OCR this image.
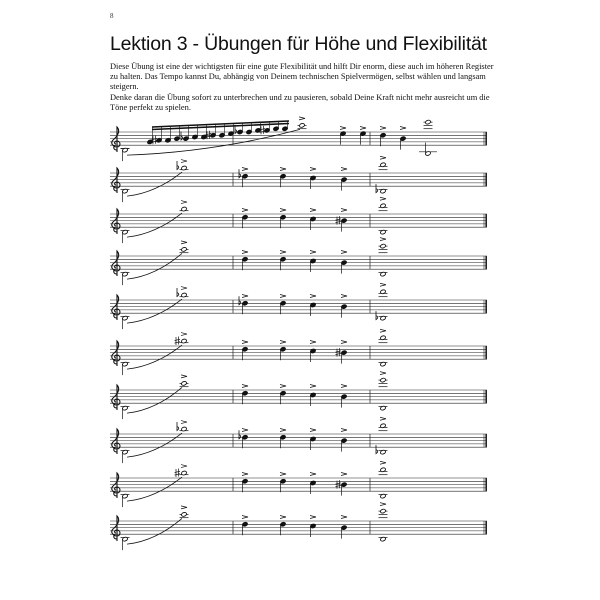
8
Lektion 3 - Übungen für Höhe und Flexibilität

Diese Übung ist eine der wichtigsten für eine gute Flexibilität und hilft Dir enorm, diese auch im höheren Register zu halten. Das Tempo kannst Du, abhängig von Deinem technischen Spielvermögen, selbst wählen und langsam steigern.

Denke daran die Übung sofort zu unterbrechen und zu pausieren, sobald Deine Kraft nicht mehr ausreicht um die Töne perfekt zu spielen.
